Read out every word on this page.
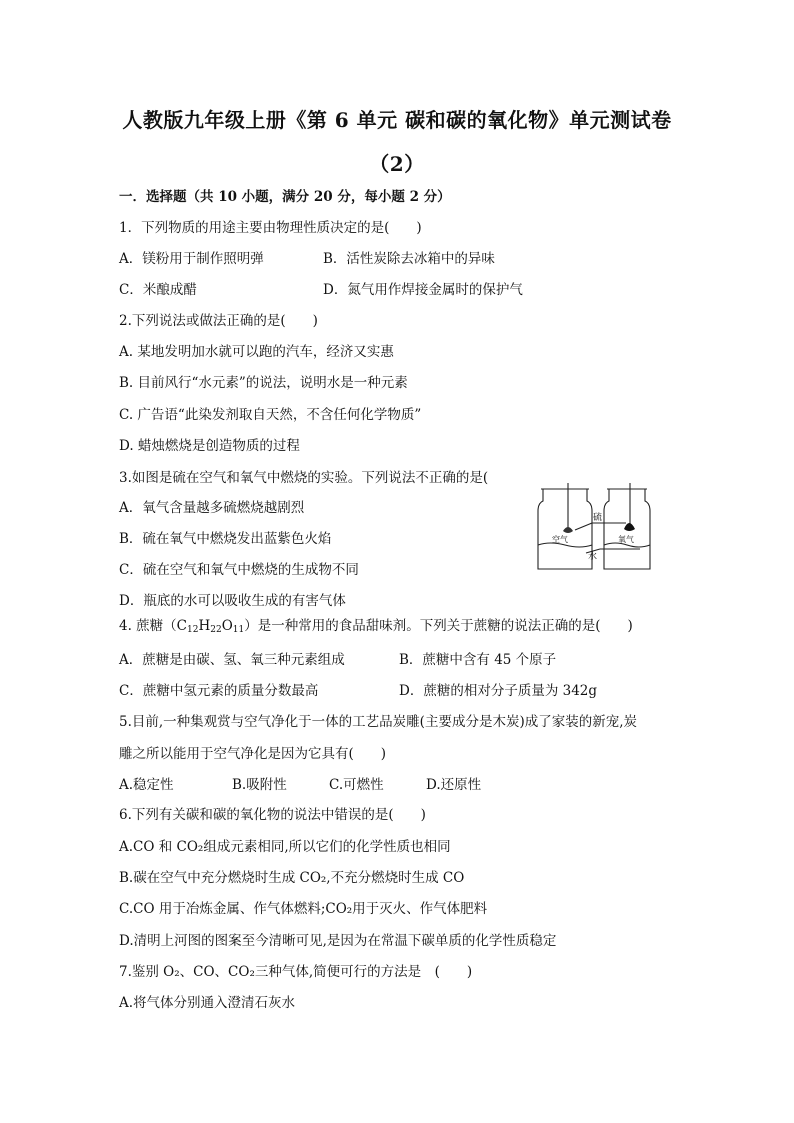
人教版九年级上册《第 6 单元 碳和碳的氧化物》单元测试卷
（2）
一．选择题（共 10 小题，满分 20 分，每小题 2 分）
1．下列物质的用途主要由物理性质决定的是(　　)
A．镁粉用于制作照明弹	B．活性炭除去冰箱中的异味
C．米酿成醋	D．氮气用作焊接金属时的保护气
2.下列说法或做法正确的是(　　)
A. 某地发明加水就可以跑的汽车，经济又实惠
B. 目前风行“水元素”的说法，说明水是一种元素
C. 广告语“此染发剂取自天然，不含任何化学物质”
D. 蜡烛燃烧是创造物质的过程
3.如图是硫在空气和氧气中燃烧的实验。下列说法不正确的是(
A．氧气含量越多硫燃烧越剧烈
B．硫在氧气中燃烧发出蓝紫色火焰
C．硫在空气和氧气中燃烧的生成物不同
D．瓶底的水可以吸收生成的有害气体
硫
水
空气	氧气
4. 蔗糖$(C_{12}H_{22}O_{11})$是一种常用的食品甜味剂。下列关于蔗糖的说法正确的是(　　)
A．蔗糖是由碳、氢、氧三种元素组成	B．蔗糖中含有 45 个原子
C．蔗糖中氢元素的质量分数最高	D．蔗糖的相对分子质量为 342g
5.目前,一种集观赏与空气净化于一体的工艺品炭雕(主要成分是木炭)成了家装的新宠,炭
雕之所以能用于空气净化是因为它具有(　　)
A.稳定性	B.吸附性	C.可燃性	D.还原性
6.下列有关碳和碳的氧化物的说法中错误的是(　　)
A.CO 和 CO₂组成元素相同,所以它们的化学性质也相同
B.碳在空气中充分燃烧时生成 CO₂,不充分燃烧时生成 CO
C.CO 用于冶炼金属、作气体燃料;CO₂用于灭火、作气体肥料
D.清明上河图的图案至今清晰可见,是因为在常温下碳单质的化学性质稳定
7.鉴别 O₂、CO、CO₂三种气体,简便可行的方法是　(　　)
A.将气体分别通入澄清石灰水
